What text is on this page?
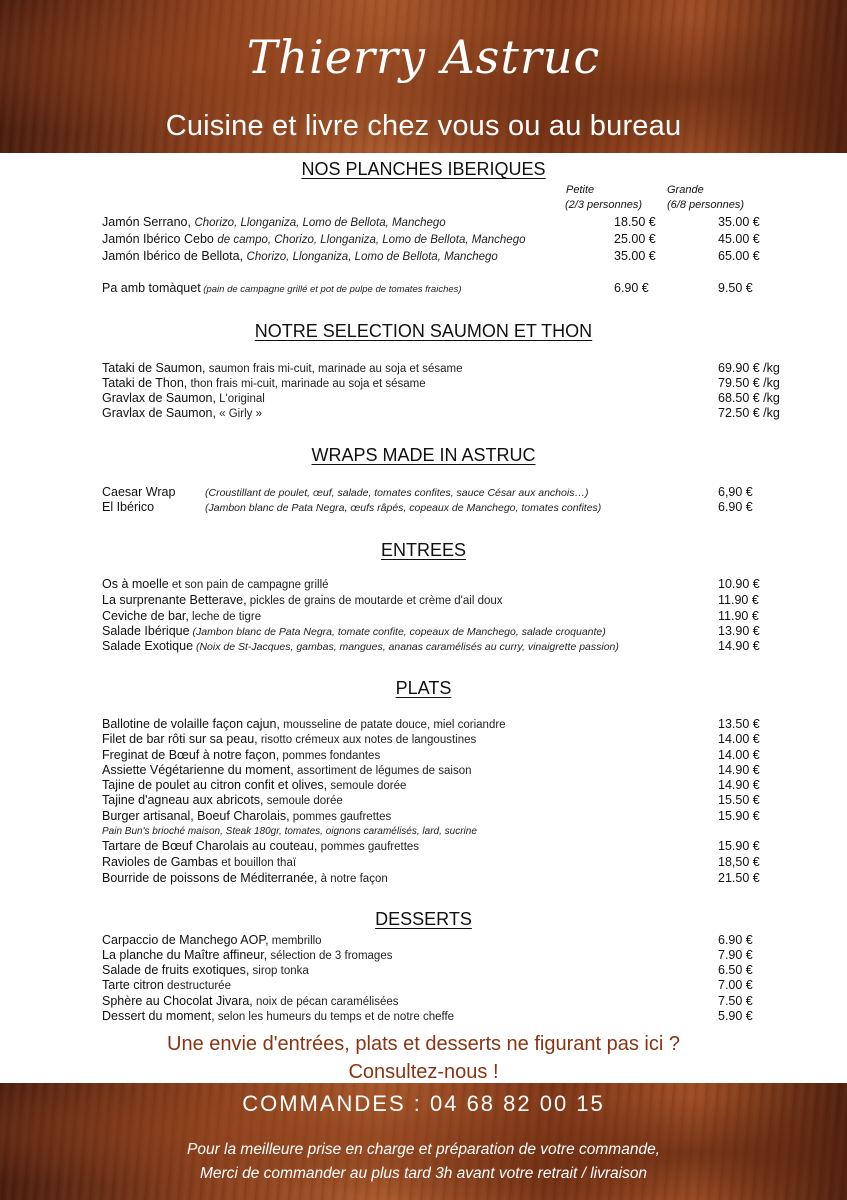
Thierry Astruc
Cuisine et livre chez vous ou au bureau
NOS PLANCHES IBERIQUES
Petite
(2/3 personnes)
Grande
(6/8 personnes)
Jamón Serrano, Chorizo, Llonganiza, Lomo de Bellota, Manchego	18.50 €	35.00 €
Jamón Ibérico Cebo de campo, Chorizo, Llonganiza, Lomo de Bellota, Manchego	25.00 €	45.00 €
Jamón Ibérico de Bellota, Chorizo, Llonganiza, Lomo de Bellota, Manchego	35.00 €	65.00 €
Pa amb tomàquet (pain de campagne grillé et pot de pulpe de tomates fraiches)	6.90 €	9.50 €
NOTRE SELECTION SAUMON ET THON
Tataki de Saumon, saumon frais mi-cuit, marinade au soja et sésame	69.90 € /kg
Tataki de Thon, thon frais mi-cuit, marinade au soja et sésame	79.50 € /kg
Gravlax de Saumon, L'original	68.50 € /kg
Gravlax de Saumon, « Girly »	72.50 € /kg
WRAPS MADE IN ASTRUC
Caesar Wrap	(Croustillant de poulet, œuf, salade, tomates confites, sauce César aux anchois…)	6,90 €
El Ibérico	(Jambon blanc de Pata Negra, œufs râpés, copeaux de Manchego, tomates confites)	6.90 €
ENTREES
Os à moelle et son pain de campagne grillé	10.90 €
La surprenante Betterave, pickles de grains de moutarde et crème d'ail doux	11.90 €
Ceviche de bar, leche de tigre	11.90 €
Salade Ibérique (Jambon blanc de Pata Negra, tomate confite, copeaux de Manchego, salade croquante)	13.90 €
Salade Exotique (Noix de St-Jacques, gambas, mangues, ananas caramélisés au curry, vinaigrette passion)	14.90 €
PLATS
Ballotine de volaille façon cajun, mousseline de patate douce, miel coriandre	13.50 €
Filet de bar rôti sur sa peau, risotto crémeux aux notes de langoustines	14.00 €
Freginat de Bœuf à notre façon, pommes fondantes	14.00 €
Assiette Végétarienne du moment, assortiment de légumes de saison	14.90 €
Tajine de poulet au citron confit et olives, semoule dorée	14.90 €
Tajine d'agneau aux abricots, semoule dorée	15.50 €
Burger artisanal, Boeuf Charolais, pommes gaufrettes	15.90 €
Pain Bun's brioché maison, Steak 180gr, tomates, oignons caramélisés, lard, sucrine
Tartare de Bœuf Charolais au couteau, pommes gaufrettes	15.90 €
Ravioles de Gambas et bouillon thaï	18,50 €
Bourride de poissons de Méditerranée, à notre façon	21.50 €
DESSERTS
Carpaccio de Manchego AOP, membrillo	6.90 €
La planche du Maître affineur, sélection de 3 fromages	7.90 €
Salade de fruits exotiques, sirop tonka	6.50 €
Tarte citron destructurée	7.00 €
Sphère au Chocolat Jivara, noix de pécan caramélisées	7.50 €
Dessert du moment, selon les humeurs du temps et de notre cheffe	5.90 €
Une envie d'entrées, plats et desserts ne figurant pas ici ?
Consultez-nous !
COMMANDES : 04 68 82 00 15
Pour la meilleure prise en charge et préparation de votre commande,
Merci de commander au plus tard 3h avant votre retrait / livraison
